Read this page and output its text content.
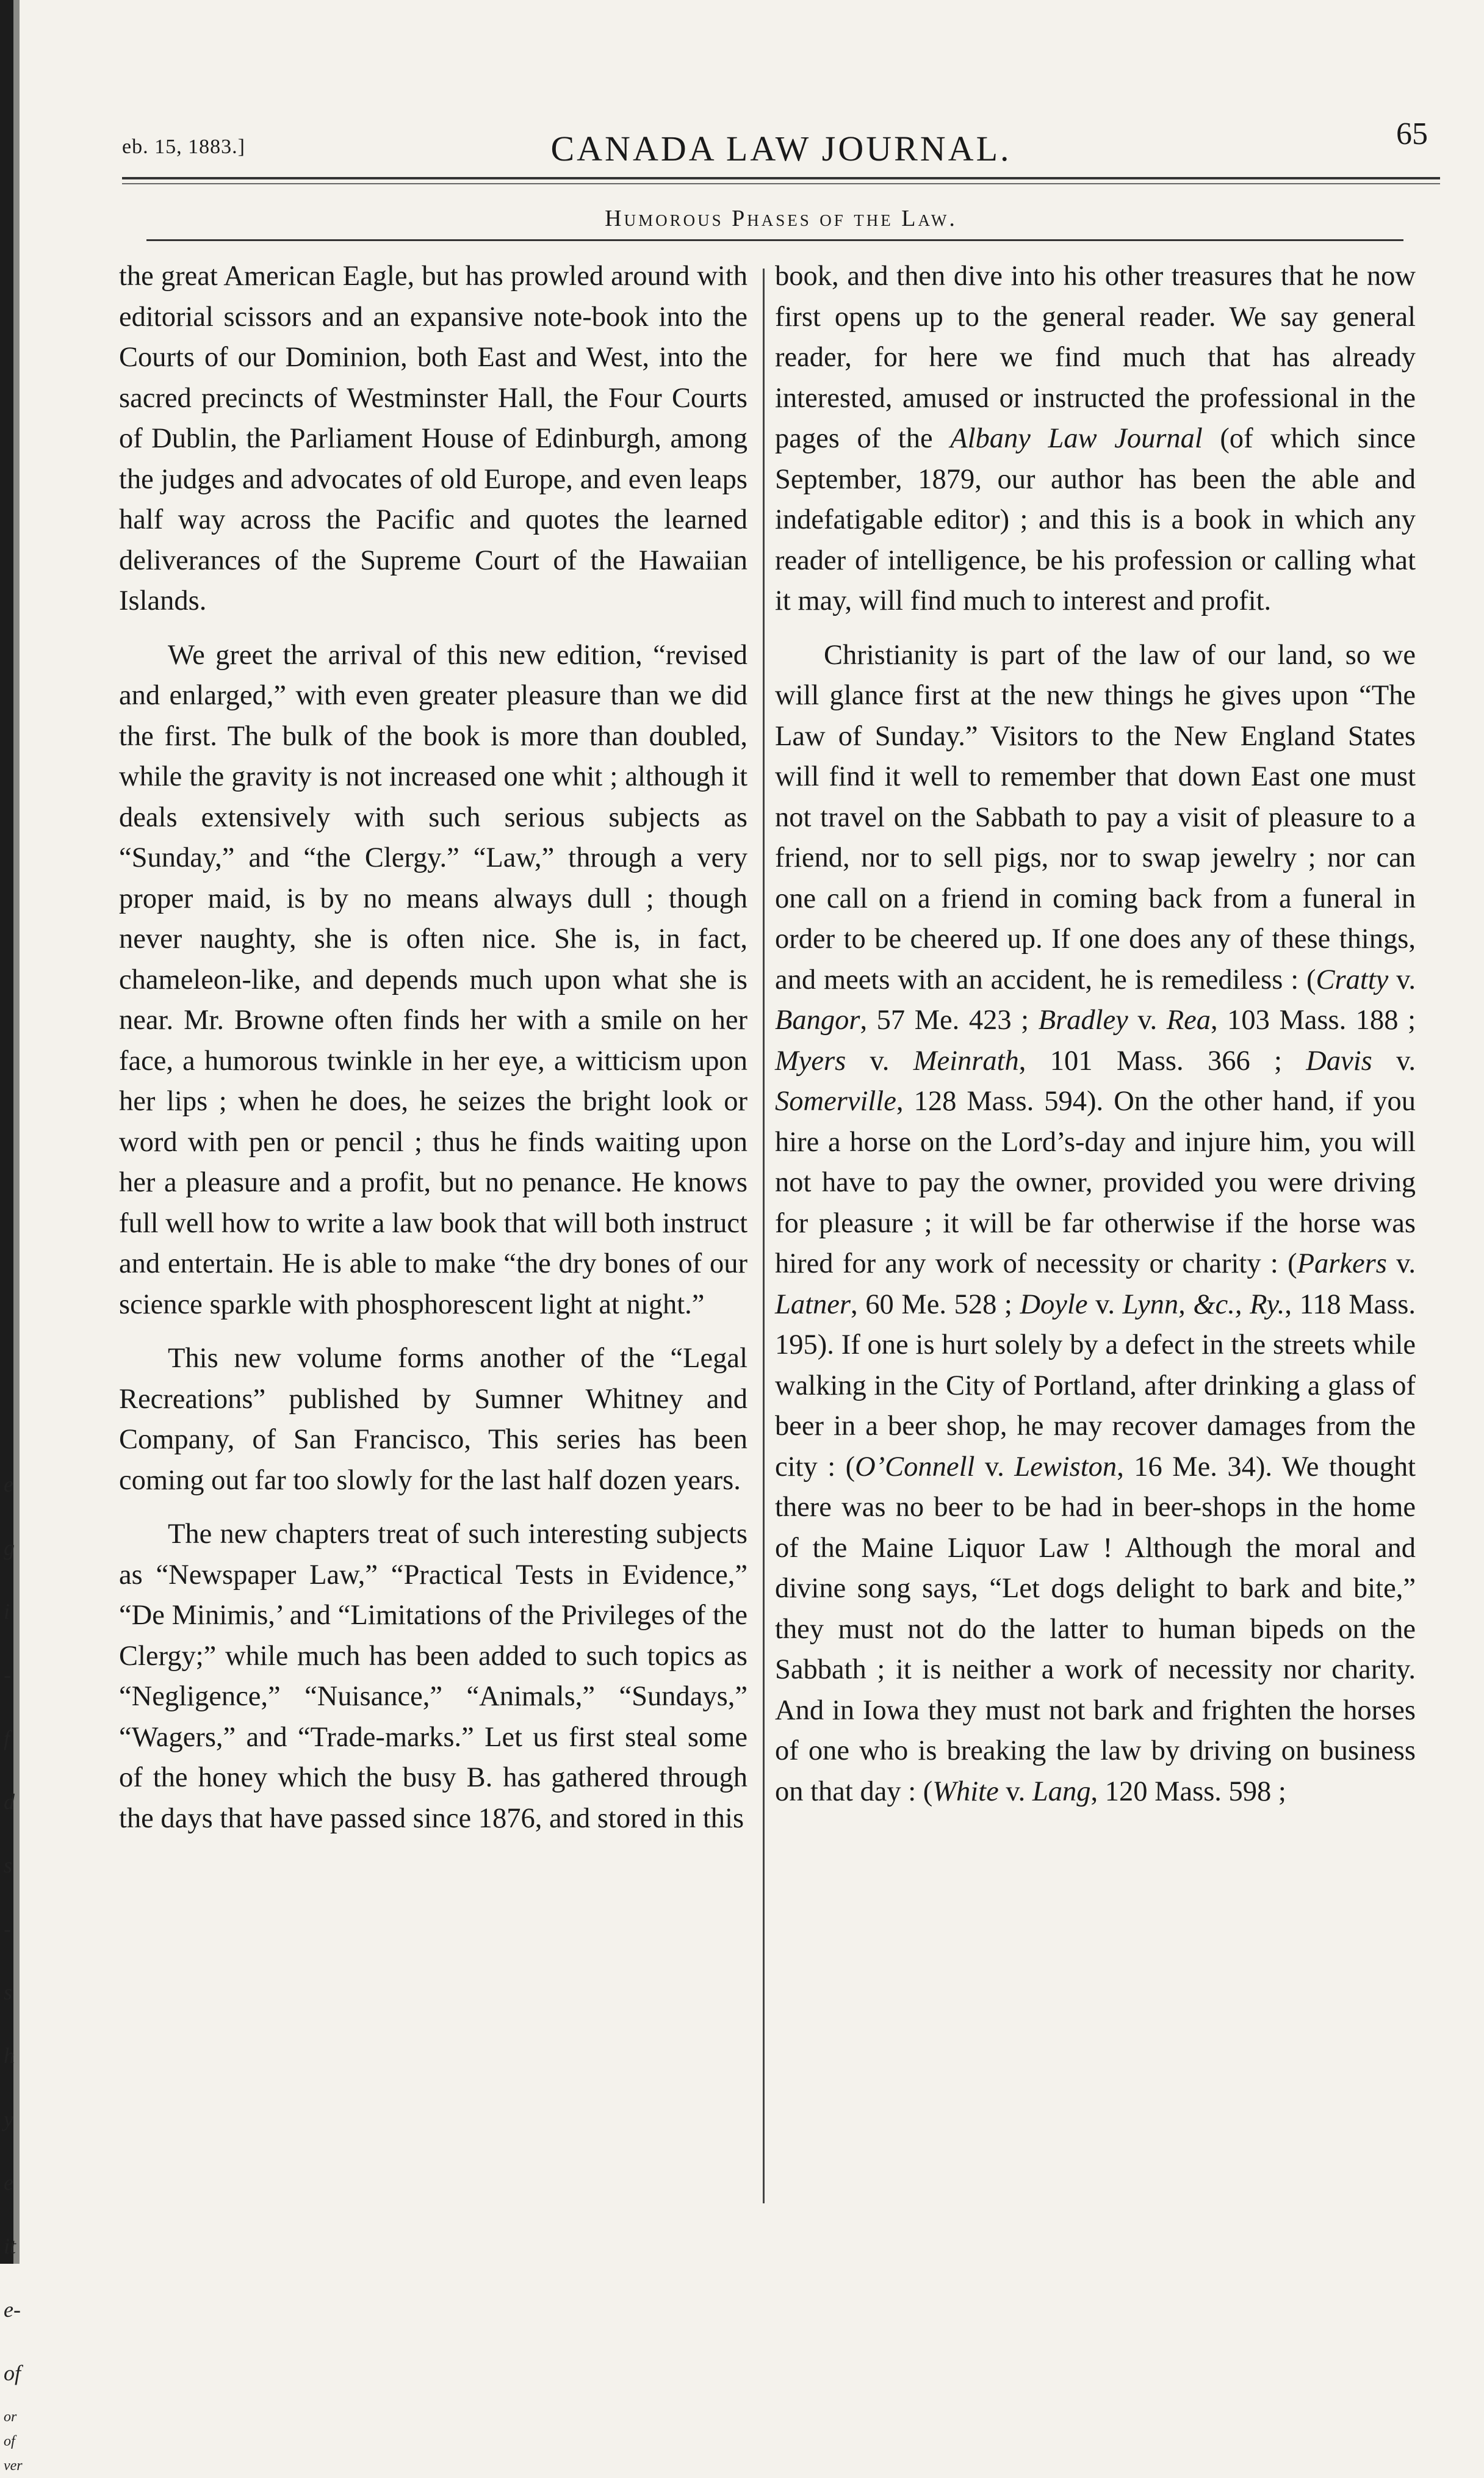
e
g
i
-
f
d
s
-
s
h
y
e
it
e-
of
or
of
ver
eb. 15, 1883.]	CANADA LAW JOURNAL.	65
Humorous Phases of the Law.

the great American Eagle, but has prowled around with editorial scissors and an expansive note-book into the Courts of our Dominion, both East and West, into the sacred precincts of Westminster Hall, the Four Courts of Dublin, the Parliament House of Edinburgh, among the judges and advocates of old Europe, and even leaps half way across the Pacific and quotes the learned deliverances of the Supreme Court of the Hawaiian Islands.

We greet the arrival of this new edition, “revised and enlarged,” with even greater pleasure than we did the first. The bulk of the book is more than doubled, while the gravity is not increased one whit ; although it deals extensively with such serious subjects as “Sunday,” and “the Clergy.” “Law,” through a very proper maid, is by no means always dull ; though never naughty, she is often nice. She is, in fact, chameleon-like, and depends much upon what she is near. Mr. Browne often finds her with a smile on her face, a humorous twinkle in her eye, a witticism upon her lips ; when he does, he seizes the bright look or word with pen or pencil ; thus he finds waiting upon her a pleasure and a profit, but no penance. He knows full well how to write a law book that will both instruct and entertain. He is able to make “the dry bones of our science sparkle with phosphorescent light at night.”

This new volume forms another of the “Legal Recreations” published by Sumner Whitney and Company, of San Francisco, This series has been coming out far too slowly for the last half dozen years.

The new chapters treat of such interesting subjects as “Newspaper Law,” “Practical Tests in Evidence,” “De Minimis,’ and “Limitations of the Privileges of the Clergy;” while much has been added to such topics as “Negligence,” “Nuisance,” “Animals,” “Sundays,” “Wagers,” and “Trade-marks.” Let us first steal some of the honey which the busy B. has gathered through the days that have passed since 1876, and stored in this

book, and then dive into his other treasures that he now first opens up to the general reader. We say general reader, for here we find much that has already interested, amused or instructed the professional in the pages of the Albany Law Journal (of which since September, 1879, our author has been the able and indefatigable editor) ; and this is a book in which any reader of intelligence, be his profession or calling what it may, will find much to interest and profit.

Christianity is part of the law of our land, so we will glance first at the new things he gives upon “The Law of Sunday.” Visitors to the New England States will find it well to remember that down East one must not travel on the Sabbath to pay a visit of pleasure to a friend, nor to sell pigs, nor to swap jewelry ; nor can one call on a friend in coming back from a funeral in order to be cheered up. If one does any of these things, and meets with an accident, he is remediless : (Cratty v. Bangor, 57 Me. 423 ; Bradley v. Rea, 103 Mass. 188 ; Myers v. Meinrath, 101 Mass. 366 ; Davis v. Somerville, 128 Mass. 594). On the other hand, if you hire a horse on the Lord’s-day and injure him, you will not have to pay the owner, provided you were driving for pleasure ; it will be far otherwise if the horse was hired for any work of necessity or charity : (Parkers v. Latner, 60 Me. 528 ; Doyle v. Lynn, &c., Ry., 118 Mass. 195). If one is hurt solely by a defect in the streets while walking in the City of Portland, after drinking a glass of beer in a beer shop, he may recover damages from the city : (O’Connell v. Lewiston, 16 Me. 34). We thought there was no beer to be had in beer-shops in the home of the Maine Liquor Law ! Although the moral and divine song says, “Let dogs delight to bark and bite,” they must not do the latter to human bipeds on the Sabbath ; it is neither a work of necessity nor charity. And in Iowa they must not bark and frighten the horses of one who is breaking the law by driving on business on that day : (White v. Lang, 120 Mass. 598 ;
